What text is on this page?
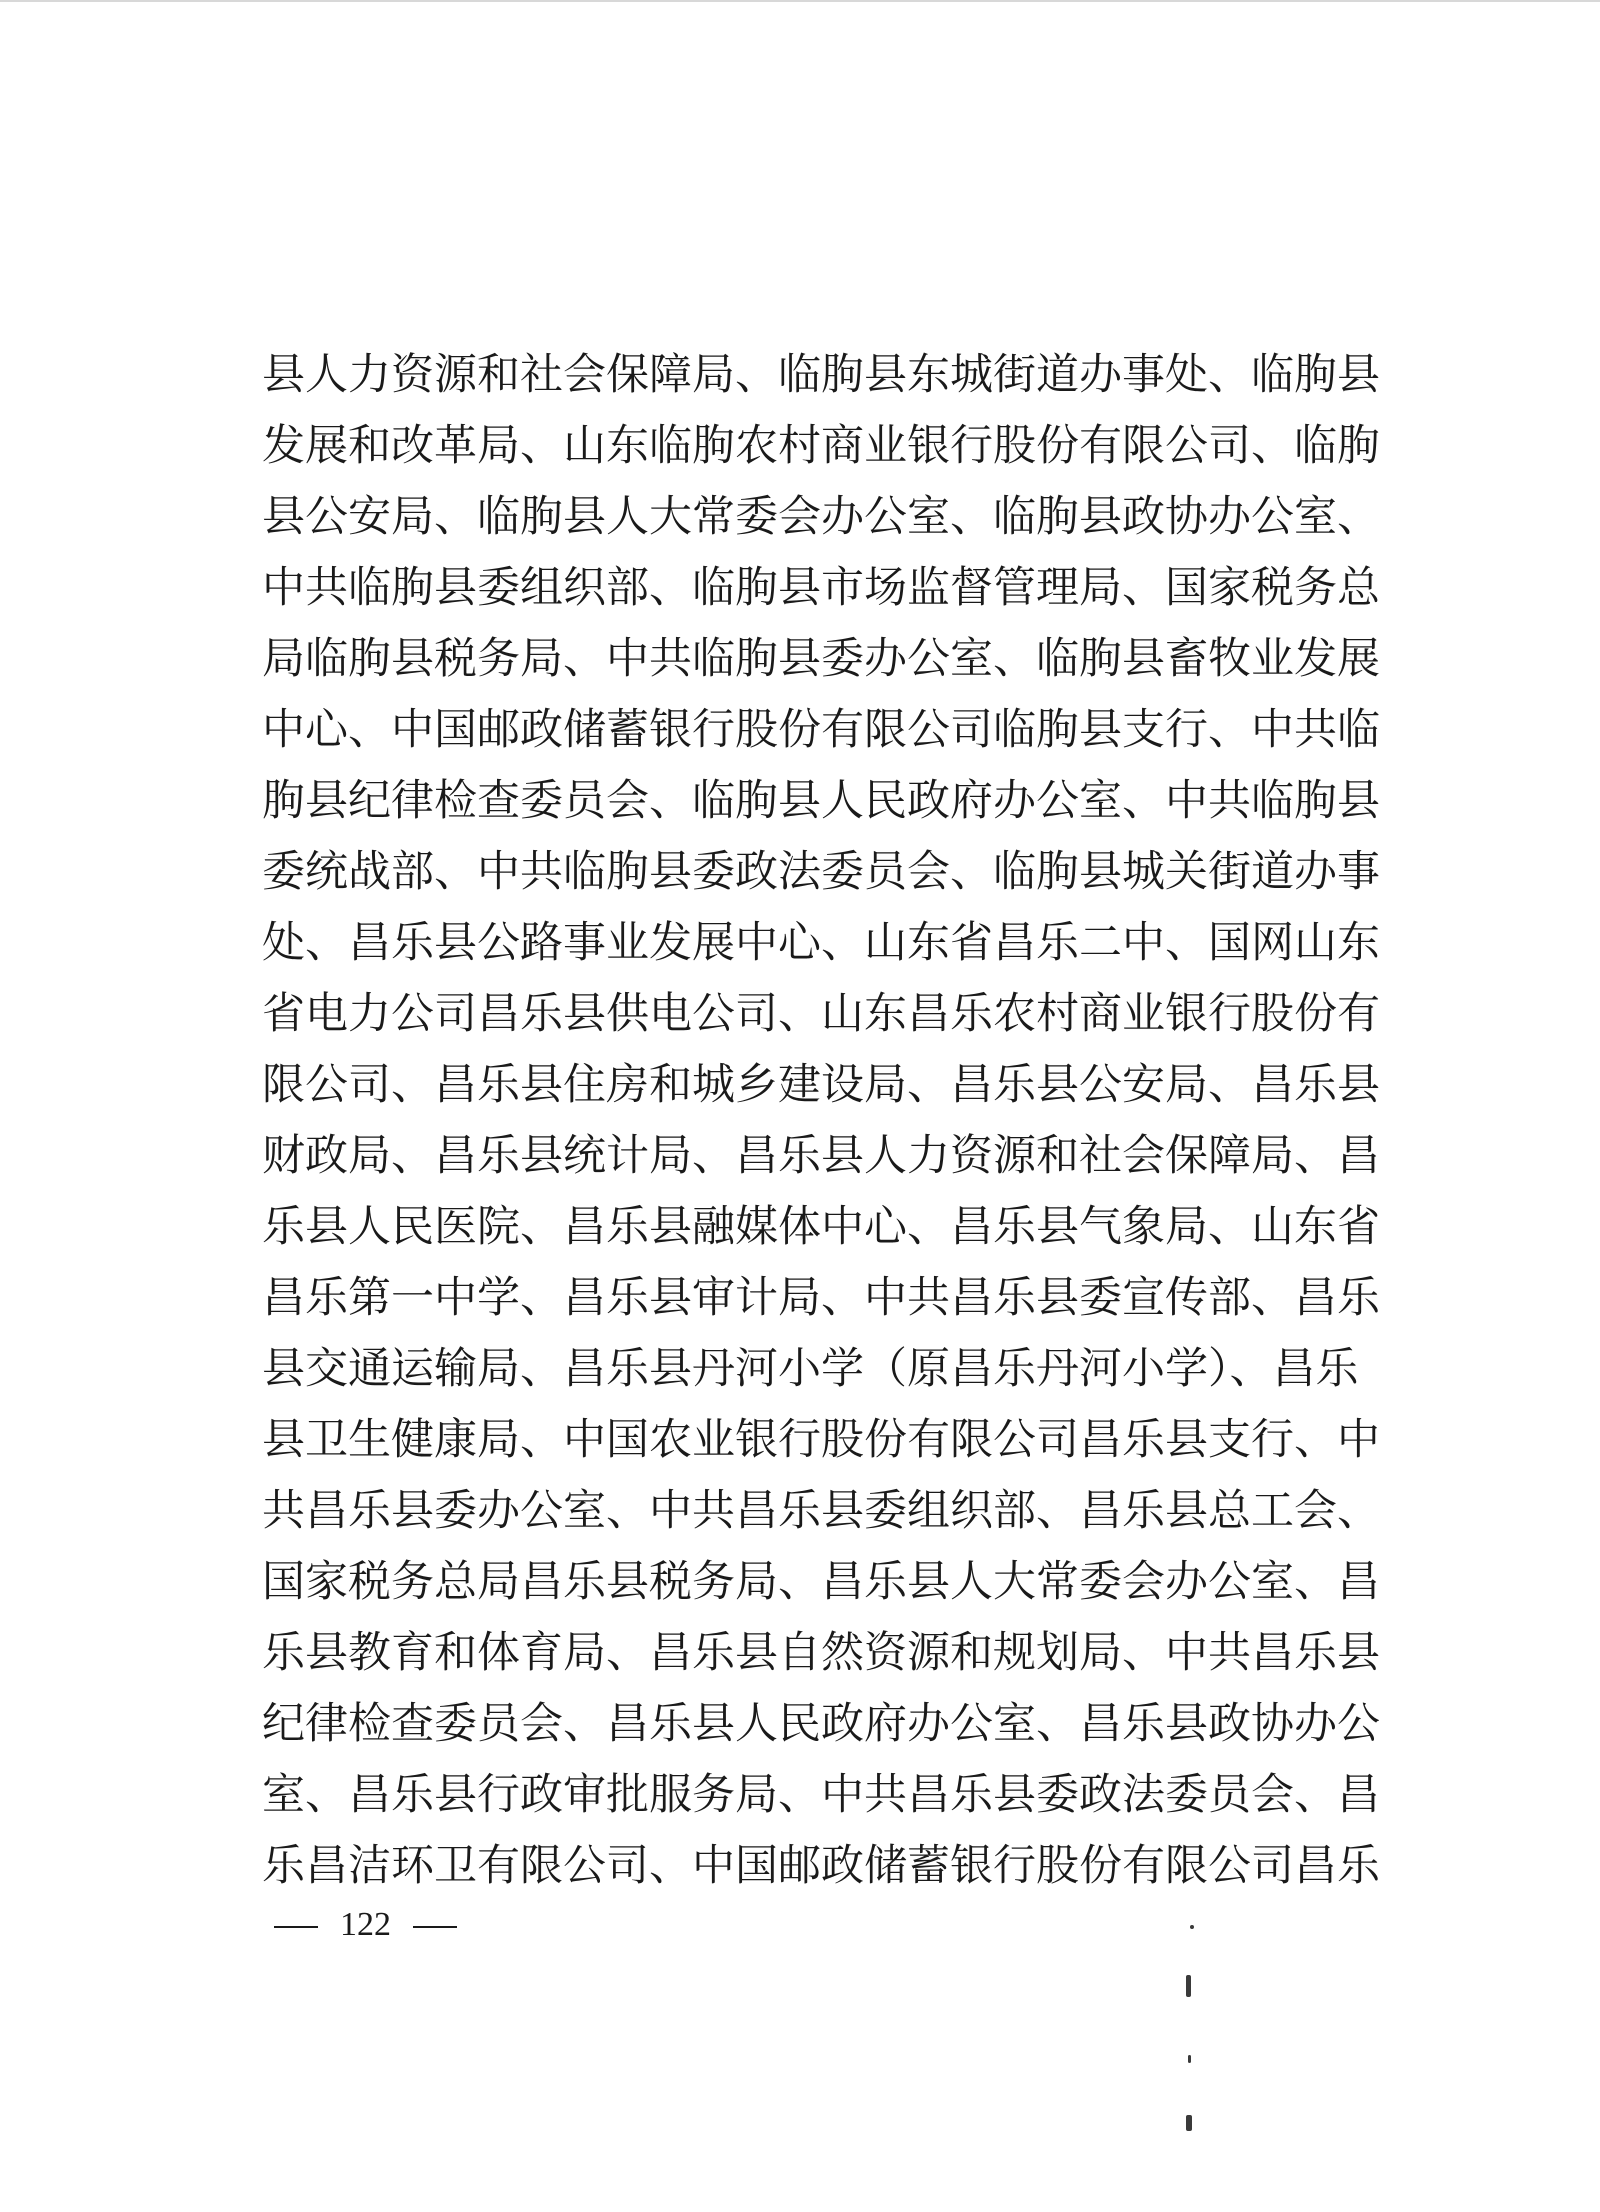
县人力资源和社会保障局、临朐县东城街道办事处、临朐县
发展和改革局、山东临朐农村商业银行股份有限公司、临朐
县公安局、临朐县人大常委会办公室、临朐县政协办公室、
中共临朐县委组织部、临朐县市场监督管理局、国家税务总
局临朐县税务局、中共临朐县委办公室、临朐县畜牧业发展
中心、中国邮政储蓄银行股份有限公司临朐县支行、中共临
朐县纪律检查委员会、临朐县人民政府办公室、中共临朐县
委统战部、中共临朐县委政法委员会、临朐县城关街道办事
处、昌乐县公路事业发展中心、山东省昌乐二中、国网山东
省电力公司昌乐县供电公司、山东昌乐农村商业银行股份有
限公司、昌乐县住房和城乡建设局、昌乐县公安局、昌乐县
财政局、昌乐县统计局、昌乐县人力资源和社会保障局、昌
乐县人民医院、昌乐县融媒体中心、昌乐县气象局、山东省
昌乐第一中学、昌乐县审计局、中共昌乐县委宣传部、昌乐
县交通运输局、昌乐县丹河小学（原昌乐丹河小学）、昌乐
县卫生健康局、中国农业银行股份有限公司昌乐县支行、中
共昌乐县委办公室、中共昌乐县委组织部、昌乐县总工会、
国家税务总局昌乐县税务局、昌乐县人大常委会办公室、昌
乐县教育和体育局、昌乐县自然资源和规划局、中共昌乐县
纪律检查委员会、昌乐县人民政府办公室、昌乐县政协办公
室、昌乐县行政审批服务局、中共昌乐县委政法委员会、昌
乐昌洁环卫有限公司、中国邮政储蓄银行股份有限公司昌乐
122
